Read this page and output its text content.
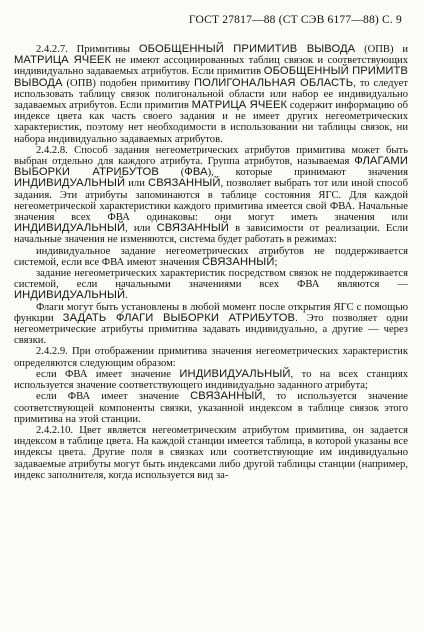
ГОСТ 27817—88 (СТ СЭВ 6177—88) С. 9

2.4.2.7. Примитивы ОБОБЩЕННЫЙ ПРИМИТИВ ВЫВОДА (ОПВ) и МАТРИЦА ЯЧЕЕК не имеют ассоциированных таблиц связок и соответствующих индивидуально задаваемых атрибутов. Если примитив ОБОБЩЕННЫЙ ПРИМИТВ ВЫВОДА (ОПВ) подобен примитиву ПОЛИГОНАЛЬНАЯ ОБЛАСТЬ, то следует использовать таблицу связок полигональной области или набор ее индивидуально задаваемых атрибутов. Если примитив МАТРИЦА ЯЧЕЕК содержит информацию об индексе цвета как часть своего задания и не имеет других негеометрических характеристик, поэтому нет необходимости в использовании ни таблицы связок, ни набора индивидуально задаваемых атрибутов.

2.4.2.8. Способ задания негеометрических атрибутов примитива может быть выбран отдельно для каждого атрибута. Группа атрибутов, называемая ФЛАГАМИ ВЫБОРКИ АТРИБУТОВ (ФВА), которые принимают значения ИНДИВИДУАЛЬНЫЙ или СВЯЗАННЫЙ, позволяет выбрать тот или иной способ задания. Эти атрибуты запоминаются в таблице состояния ЯГС. Для каждой негеометрической характеристики каждого примитива имеется свой ФВА. Начальные значения всех ФВА одинаковы: они могут иметь значения или ИНДИВИДУАЛЬНЫЙ, или СВЯЗАННЫЙ в зависимости от реализации. Если начальные значения не изменяются, система будет работать в режимах:

индивидуальное задание негеометрических атрибутов не поддерживается системой, если все ФВА имеют значения СВЯЗАННЫЙ;

задание негеометрических характеристик посредством связок не поддерживается системой, если начальными значениями всех ФВА являются — ИНДИВИДУАЛЬНЫЙ.

Флаги могут быть установлены в любой момент после открытия ЯГС с помощью функции ЗАДАТЬ ФЛАГИ ВЫБОРКИ АТРИБУТОВ. Это позволяет одни негеометрические атрибуты примитива задавать индивидуально, а другие — через связки.

2.4.2.9. При отображении примитива значения негеометрических характеристик определяются следующим образом:

если ФВА имеет значение ИНДИВИДУАЛЬНЫЙ, то на всех станциях используется значение соответствующего индивидуально заданного атрибута;

если ФВА имеет значение СВЯЗАННЫЙ, то используется значение соответствующей компоненты связки, указанной индексом в таблице связок этого примитива на этой станции.

2.4.2.10. Цвет является негеометрическим атрибутом примитива, он задается индексом в таблице цвета. На каждой станции имеется таблица, в которой указаны все индексы цвета. Другие поля в связках или соответствующие им индивидуально задаваемые атрибуты могут быть индексами либо другой таблицы станции (например, индекс заполнителя, когда используется вид за-
